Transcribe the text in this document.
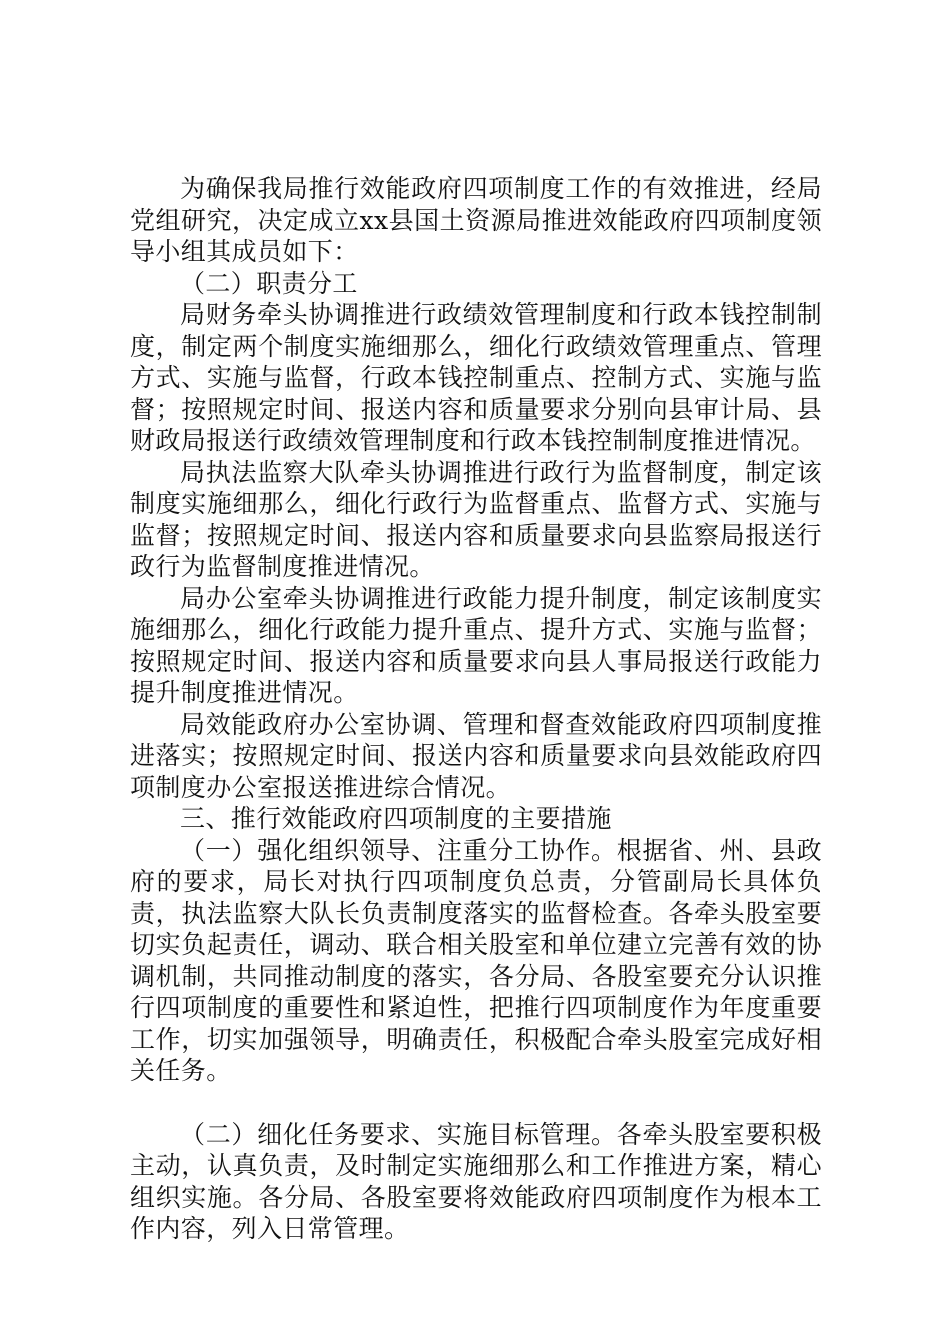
为确保我局推行效能政府四项制度工作的有效推进，经局党组研究，决定成立xx县国土资源局推进效能政府四项制度领导小组其成员如下：

（二）职责分工

局财务牵头协调推进行政绩效管理制度和行政本钱控制制度，制定两个制度实施细那么，细化行政绩效管理重点、管理方式、实施与监督，行政本钱控制重点、控制方式、实施与监督；按照规定时间、报送内容和质量要求分别向县审计局、县财政局报送行政绩效管理制度和行政本钱控制制度推进情况。

局执法监察大队牵头协调推进行政行为监督制度，制定该制度实施细那么，细化行政行为监督重点、监督方式、实施与监督；按照规定时间、报送内容和质量要求向县监察局报送行政行为监督制度推进情况。

局办公室牵头协调推进行政能力提升制度，制定该制度实施细那么，细化行政能力提升重点、提升方式、实施与监督；按照规定时间、报送内容和质量要求向县人事局报送行政能力提升制度推进情况。

局效能政府办公室协调、管理和督查效能政府四项制度推进落实；按照规定时间、报送内容和质量要求向县效能政府四项制度办公室报送推进综合情况。

三、推行效能政府四项制度的主要措施

（一）强化组织领导、注重分工协作。根据省、州、县政府的要求，局长对执行四项制度负总责，分管副局长具体负责，执法监察大队长负责制度落实的监督检查。各牵头股室要切实负起责任，调动、联合相关股室和单位建立完善有效的协调机制，共同推动制度的落实，各分局、各股室要充分认识推行四项制度的重要性和紧迫性，把推行四项制度作为年度重要工作，切实加强领导，明确责任，积极配合牵头股室完成好相关任务。

（二）细化任务要求、实施目标管理。各牵头股室要积极主动，认真负责，及时制定实施细那么和工作推进方案，精心组织实施。各分局、各股室要将效能政府四项制度作为根本工作内容，列入日常管理。
